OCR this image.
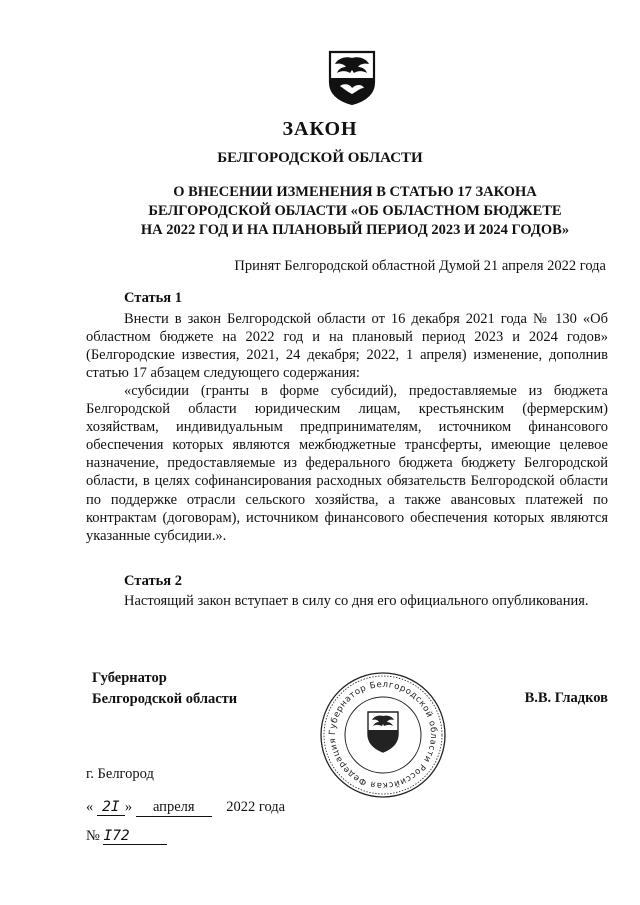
ЗАКОН
БЕЛГОРОДСКОЙ ОБЛАСТИ
О ВНЕСЕНИИ ИЗМЕНЕНИЯ В СТАТЬЮ 17 ЗАКОНА
БЕЛГОРОДСКОЙ ОБЛАСТИ «ОБ ОБЛАСТНОМ БЮДЖЕТЕ
НА 2022 ГОД И НА ПЛАНОВЫЙ ПЕРИОД 2023 И 2024 ГОДОВ»
Принят Белгородской областной Думой 21 апреля 2022 года
Статья 1

Внести в закон Белгородской области от 16 декабря 2021 года № 130 «Об областном бюджете на 2022 год и на плановый период 2023 и 2024 годов» (Белгородские известия, 2021, 24 декабря; 2022, 1 апреля) изменение, дополнив статью 17 абзацем следующего содержания:

«субсидии (гранты в форме субсидий), предоставляемые из бюджета Белгородской области юридическим лицам, крестьянским (фермерским) хозяйствам, индивидуальным предпринимателям, источником финансового обеспечения которых являются межбюджетные трансферты, имеющие целевое назначение, предоставляемые из федерального бюджета бюджету Белгородской области, в целях софинансирования расходных обязательств Белгородской области по поддержке отрасли сельского хозяйства, а также авансовых платежей по контрактам (договорам), источником финансового обеспечения которых являются указанные субсидии.».

Статья 2

Настоящий закон вступает в силу со дня его официального опубликования.

Губернатор
Белгородской области	В.В. Гладков
Губернатор Белгородской области Российская Федерация
г. Белгород
« 2I » апреля 2022 года
№ I72
